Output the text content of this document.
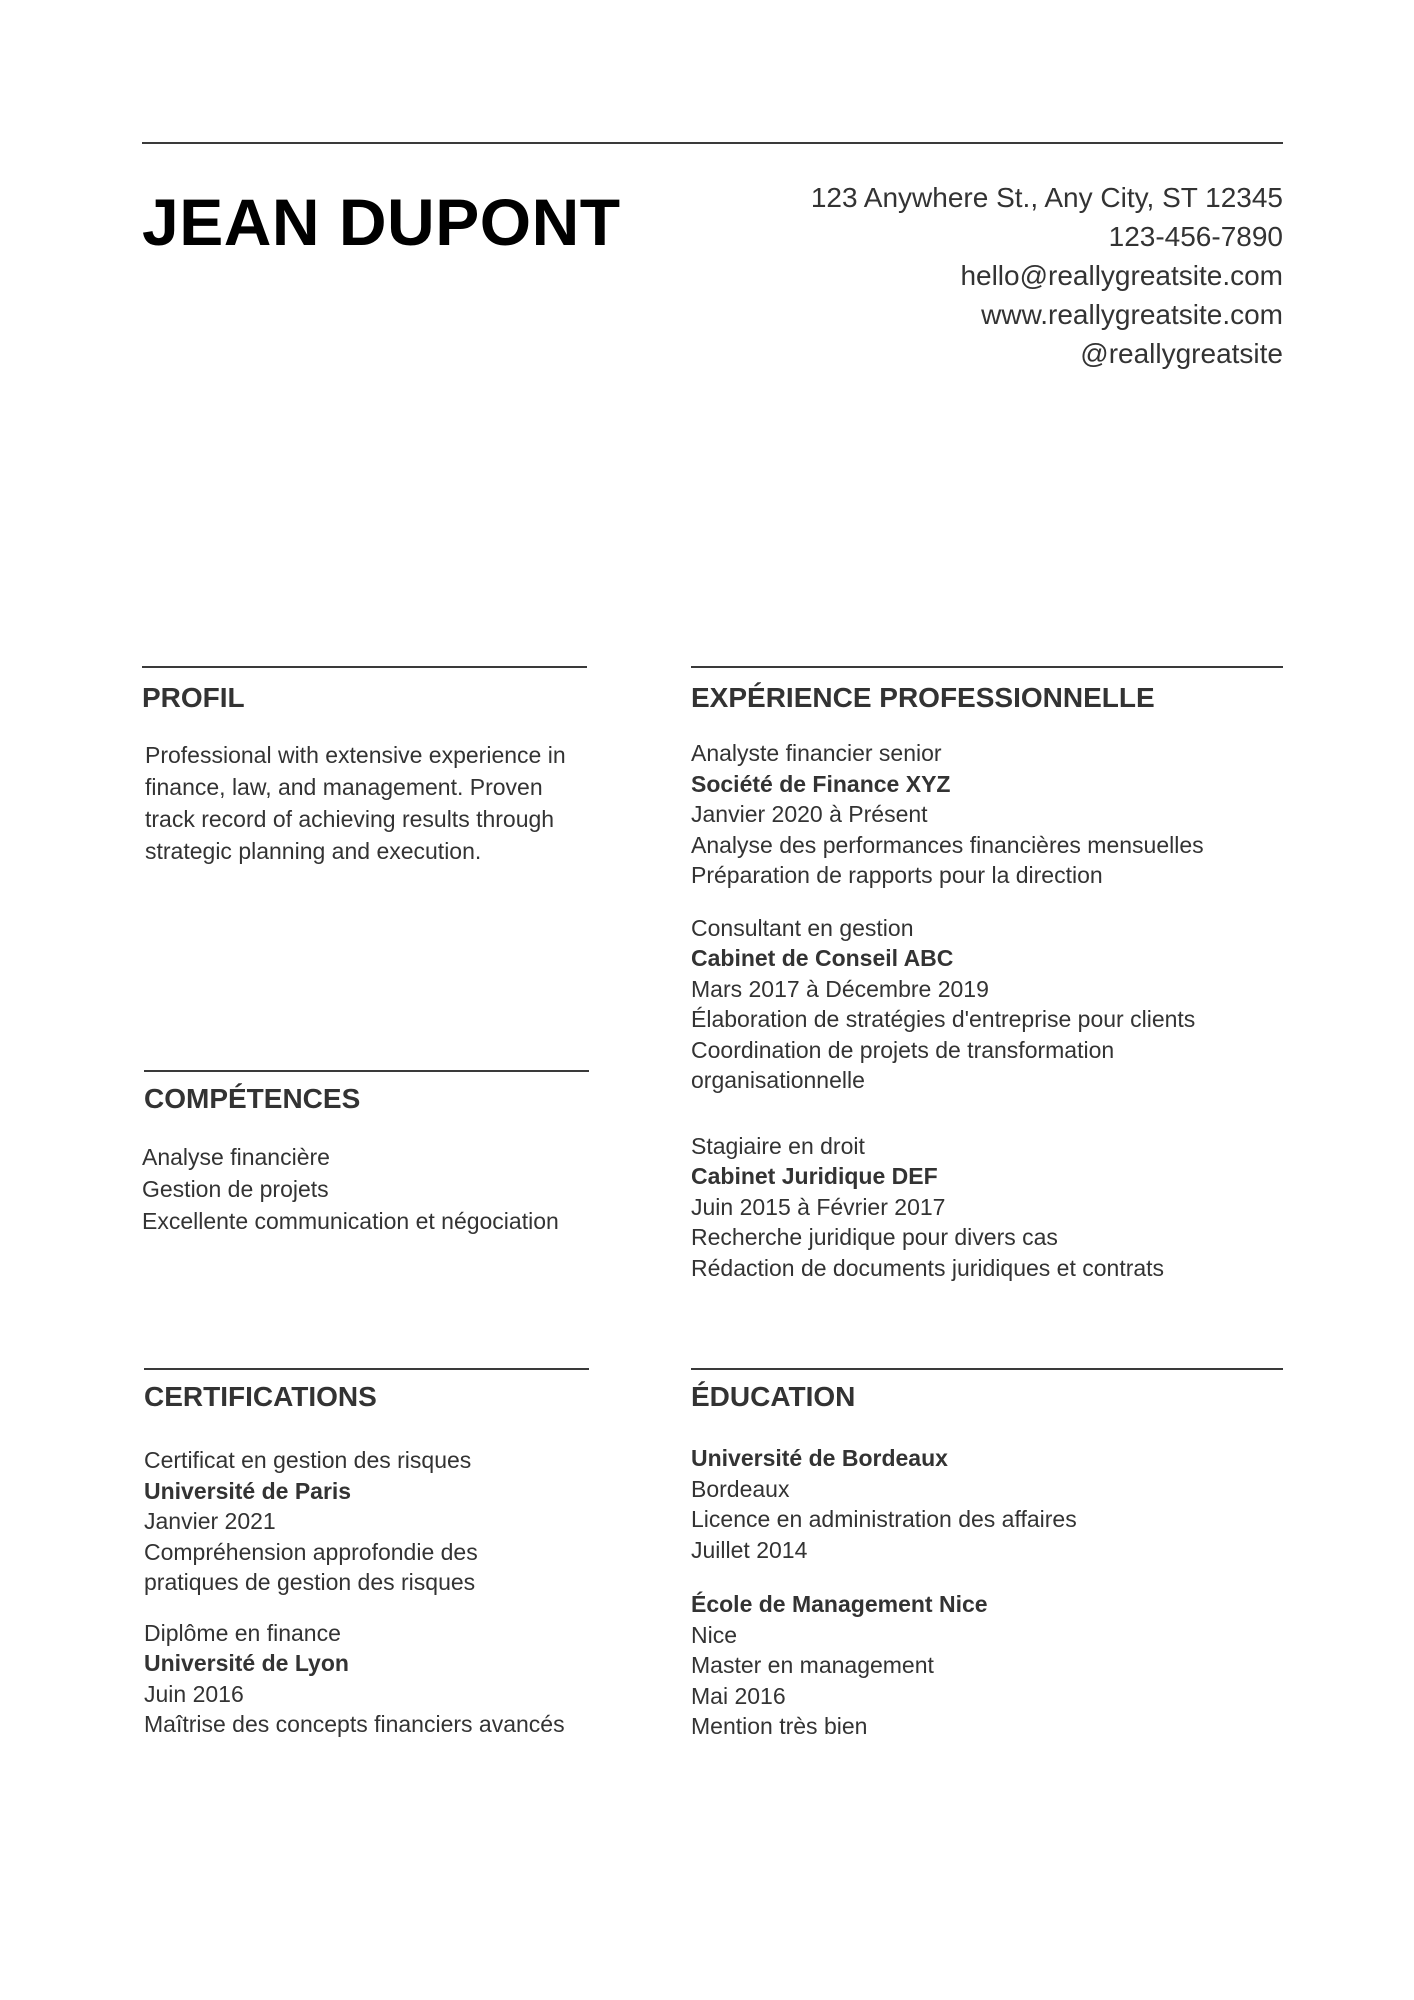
JEAN DUPONT	123 Anywhere St., Any City, ST 12345
123-456-7890
hello@reallygreatsite.com
www.reallygreatsite.com
@reallygreatsite
PROFIL
Professional with extensive experience in
finance, law, and management. Proven
track record of achieving results through
strategic planning and execution.
COMPÉTENCES
Analyse financière
Gestion de projets
Excellente communication et négociation
EXPÉRIENCE PROFESSIONNELLE
Analyste financier senior
Société de Finance XYZ
Janvier 2020 à Présent
Analyse des performances financières mensuelles
Préparation de rapports pour la direction
Consultant en gestion
Cabinet de Conseil ABC
Mars 2017 à Décembre 2019
Élaboration de stratégies d'entreprise pour clients
Coordination de projets de transformation
organisationnelle
Stagiaire en droit
Cabinet Juridique DEF
Juin 2015 à Février 2017
Recherche juridique pour divers cas
Rédaction de documents juridiques et contrats
CERTIFICATIONS
Certificat en gestion des risques
Université de Paris
Janvier 2021
Compréhension approfondie des
pratiques de gestion des risques
Diplôme en finance
Université de Lyon
Juin 2016
Maîtrise des concepts financiers avancés
ÉDUCATION
Université de Bordeaux
Bordeaux
Licence en administration des affaires
Juillet 2014
École de Management Nice
Nice
Master en management
Mai 2016
Mention très bien
